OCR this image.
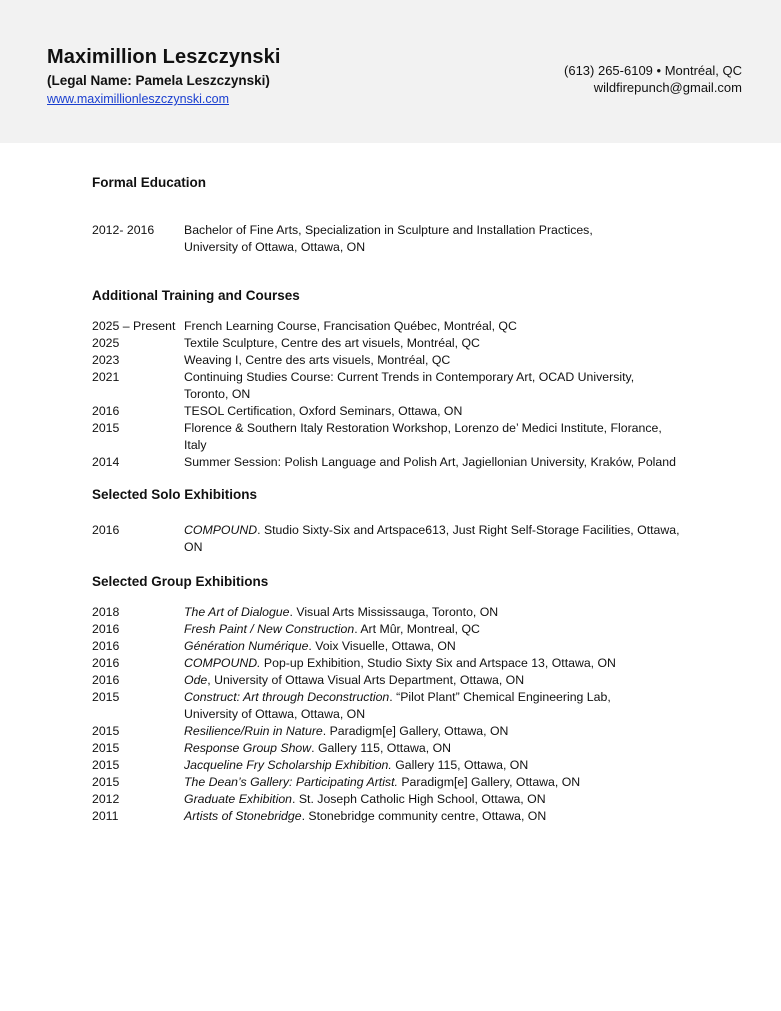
Maximillion Leszczynski
(Legal Name: Pamela Leszczynski)
www.maximillionleszczynski.com
(613) 265-6109 • Montréal, QC
wildfirepunch@gmail.com
Formal Education
2012- 2016	Bachelor of Fine Arts, Specialization in Sculpture and Installation Practices,
University of Ottawa, Ottawa, ON
Additional Training and Courses
2025 – Present French Learning Course, Francisation Québec, Montréal, QC
2025	Textile Sculpture, Centre des art visuels, Montréal, QC
2023	Weaving I, Centre des arts visuels, Montréal, QC
2021	Continuing Studies Course: Current Trends in Contemporary Art, OCAD University,
Toronto, ON
2016	TESOL Certification, Oxford Seminars, Ottawa, ON
2015	Florence & Southern Italy Restoration Workshop, Lorenzo de’ Medici Institute, Florance,
Italy
2014	Summer Session: Polish Language and Polish Art, Jagiellonian University, Kraków, Poland
Selected Solo Exhibitions
2016	COMPOUND. Studio Sixty-Six and Artspace613, Just Right Self-Storage Facilities, Ottawa,
ON
Selected Group Exhibitions
2018	The Art of Dialogue. Visual Arts Mississauga, Toronto, ON
2016	Fresh Paint / New Construction. Art Mûr, Montreal, QC
2016	Génération Numérique. Voix Visuelle, Ottawa, ON
2016	COMPOUND. Pop-up Exhibition, Studio Sixty Six and Artspace 13, Ottawa, ON
2016	Ode, University of Ottawa Visual Arts Department, Ottawa, ON
2015	Construct: Art through Deconstruction. “Pilot Plant” Chemical Engineering Lab,
University of Ottawa, Ottawa, ON
2015	Resilience/Ruin in Nature. Paradigm[e] Gallery, Ottawa, ON
2015	Response Group Show. Gallery 115, Ottawa, ON
2015	Jacqueline Fry Scholarship Exhibition. Gallery 115, Ottawa, ON
2015	The Dean’s Gallery: Participating Artist. Paradigm[e] Gallery, Ottawa, ON
2012	Graduate Exhibition. St. Joseph Catholic High School, Ottawa, ON
2011	Artists of Stonebridge. Stonebridge community centre, Ottawa, ON
